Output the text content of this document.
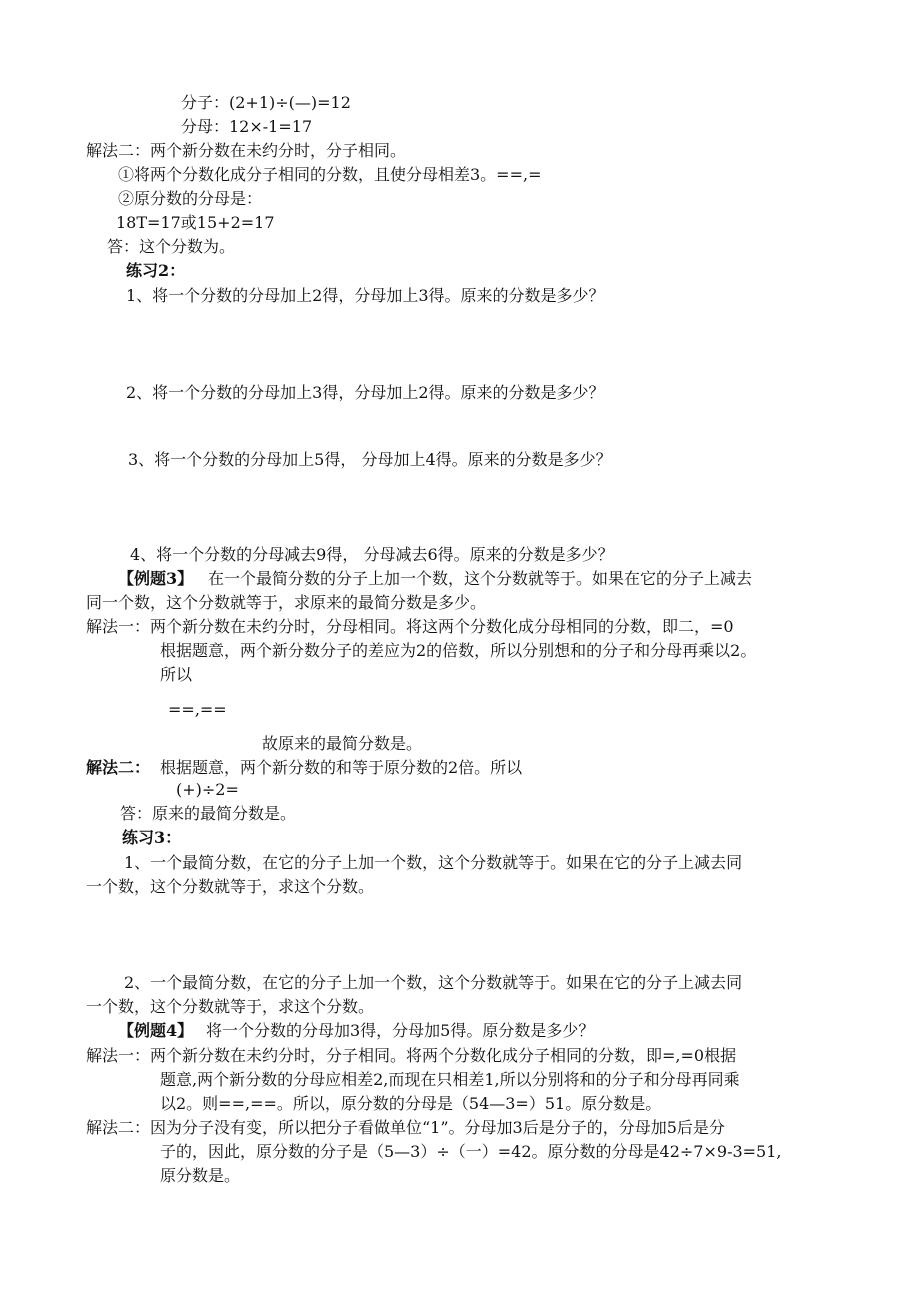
分子：(2+1)÷(—)=12
分母：12×-1=17
解法二：两个新分数在未约分时，分子相同。
①将两个分数化成分子相同的分数，且使分母相差3。==,=
②原分数的分母是：
18T=17或15+2=17
答：这个分数为。
练习2：
1、将一个分数的分母加上2得，分母加上3得。原来的分数是多少？
2、将一个分数的分母加上3得，分母加上2得。原来的分数是多少？
3、将一个分数的分母加上5得， 分母加上4得。原来的分数是多少？
4、将一个分数的分母减去9得， 分母减去6得。原来的分数是多少？
【例题3】 在一个最简分数的分子上加一个数，这个分数就等于。如果在它的分子上减去
同一个数，这个分数就等于，求原来的最简分数是多少。
解法一：两个新分数在未约分时，分母相同。将这两个分数化成分母相同的分数，即二，=0
根据题意，两个新分数分子的差应为2的倍数，所以分别想和的分子和分母再乘以2。
所以
==,==
故原来的最简分数是。
解法二： 根据题意，两个新分数的和等于原分数的2倍。所以
(+)÷2=
答：原来的最简分数是。
练习3：
1、一个最简分数，在它的分子上加一个数，这个分数就等于。如果在它的分子上减去同
一个数，这个分数就等于，求这个分数。
2、一个最简分数，在它的分子上加一个数，这个分数就等于。如果在它的分子上减去同
一个数，这个分数就等于，求这个分数。
【例题4】 将一个分数的分母加3得，分母加5得。原分数是多少？
解法一：两个新分数在未约分时，分子相同。将两个分数化成分子相同的分数，即=,=0根据
题意,两个新分数的分母应相差2,而现在只相差1,所以分别将和的分子和分母再同乘
以2。则==,==。所以，原分数的分母是（54—3=）51。原分数是。
解法二：因为分子没有变，所以把分子看做单位“1”。分母加3后是分子的，分母加5后是分
子的，因此，原分数的分子是（5—3）÷（一）=42。原分数的分母是42÷7×9-3=51,
原分数是。
